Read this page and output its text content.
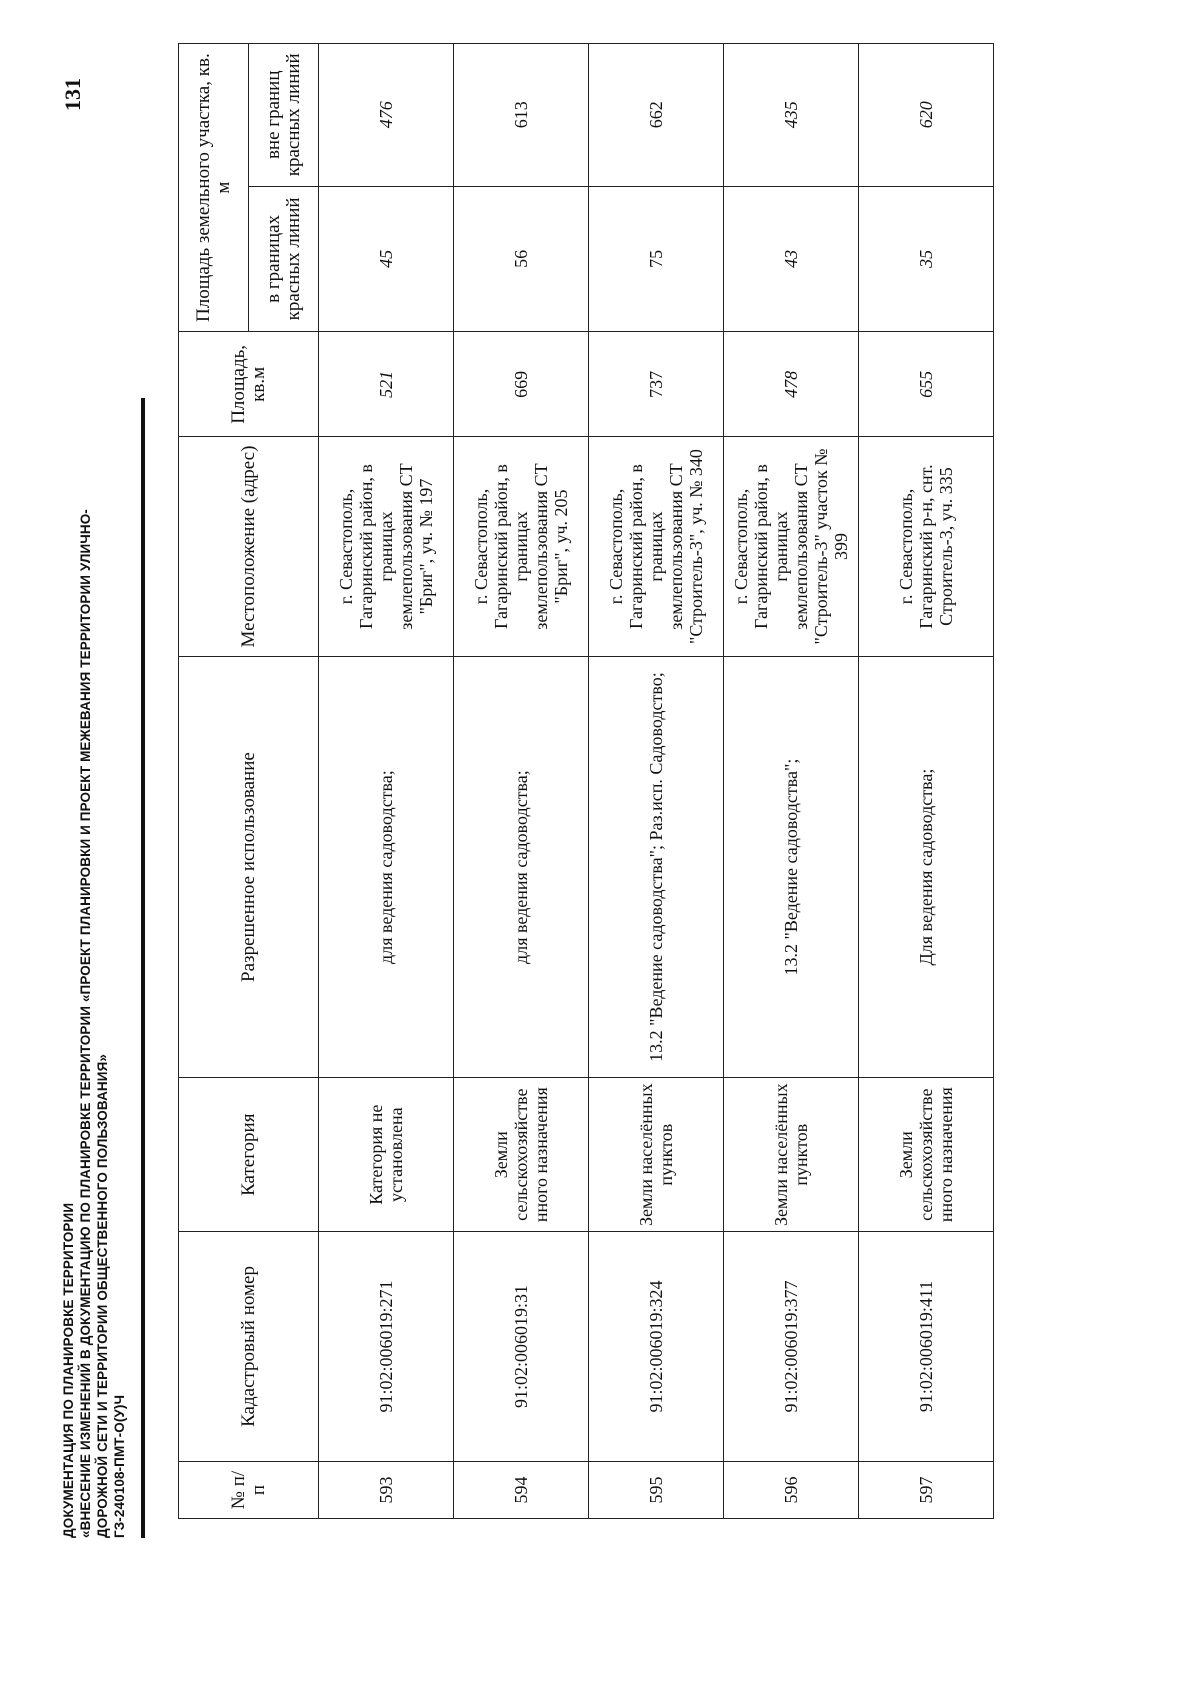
ДОКУМЕНТАЦИЯ ПО ПЛАНИРОВКЕ ТЕРРИТОРИИ «ВНЕСЕНИЕ ИЗМЕНЕНИЙ В ДОКУМЕНТАЦИЮ ПО ПЛАНИРОВКЕ ТЕРРИТОРИИ «ПРОЕКТ ПЛАНИРОВКИ И ПРОЕКТ МЕЖЕВАНИЯ ТЕРРИТОРИИ УЛИЧНО- ДОРОЖНОЙ СЕТИ И ТЕРРИТОРИИ ОБЩЕСТВЕННОГО ПОЛЬЗОВАНИЯ» ГЗ-240108-ПМТ-О(У)Ч
131
№ п/п	Кадастровый номер	Категория	Разрешенное использование	Местоположение (адрес)	Площадь, кв.м	Площадь земельного участка, кв. м	
						в границах красных линий	вне границ красных линий
593	91:02:006019:271	Категория не установлена	для ведения садоводства;	г. Севастополь, Гагаринский район, в границах землепользования СТ "Бриг", уч. № 197	521	45	476
594	91:02:006019:31	Земли сельскохозяйстве нного назначения	для ведения садоводства;	г. Севастополь, Гагаринский район, в границах землепользования СТ "Бриг", уч. 205	669	56	613
595	91:02:006019:324	Земли населённых пунктов	13.2 "Ведение садоводства"; Раз.исп. Садоводство;	г. Севастополь, Гагаринский район, в границах землепользования СТ "Строитель-3", уч. № 340	737	75	662
596	91:02:006019:377	Земли населённых пунктов	13.2 "Ведение садоводства";	г. Севастополь, Гагаринский район, в границах землепользования СТ "Строитель-3" участок № 399	478	43	435
597	91:02:006019:411	Земли сельскохозяйстве нного назначения	Для ведения садоводства;	г. Севастополь, Гагаринский р-н, снт. Строитель-3, уч. 335	655	35	620
